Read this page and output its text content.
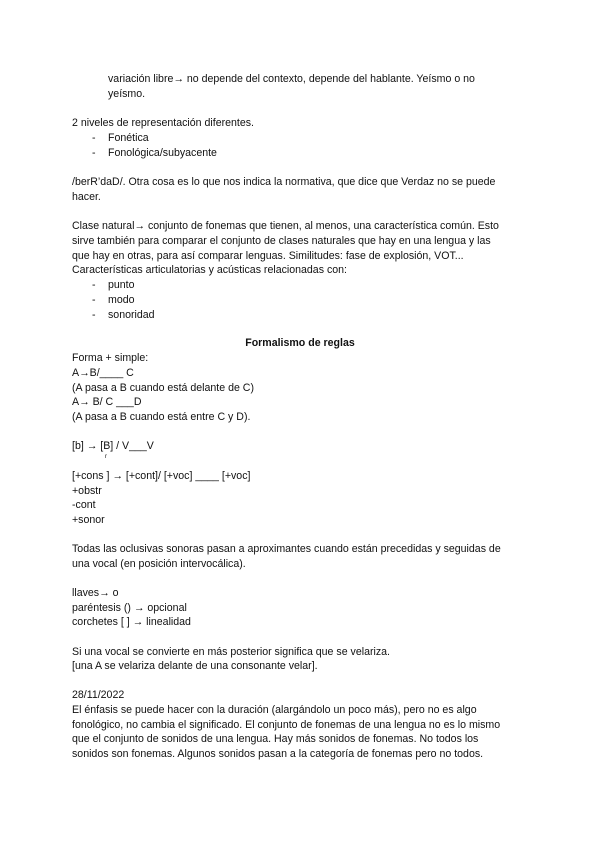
variación libre→ no depende del contexto, depende del hablante. Yeísmo o no
yeísmo.
2 niveles de representación diferentes.
- Fonética
- Fonológica/subyacente
/berR’daD/. Otra cosa es lo que nos indica la normativa, que dice que Verdaz no se puede
hacer.
Clase natural→ conjunto de fonemas que tienen, al menos, una característica común. Esto
sirve también para comparar el conjunto de clases naturales que hay en una lengua y las
que hay en otras, para así comparar lenguas. Similitudes: fase de explosión, VOT...
Características articulatorias y acústicas relacionadas con:
- punto
- modo
- sonoridad
Formalismo de reglas
Forma + simple:
A→B/____ C
(A pasa a B cuando está delante de C)
A→ B/ C ___D
(A pasa a B cuando está entre C y D).
[b] → [B] / V___V
r
[+cons ] → [+cont]/ [+voc] ____ [+voc]
+obstr
-cont
+sonor
Todas las oclusivas sonoras pasan a aproximantes cuando están precedidas y seguidas de
una vocal (en posición intervocálica).
llaves→ o
paréntesis () → opcional
corchetes [ ] → linealidad
Si una vocal se convierte en más posterior significa que se velariza.
[una A se velariza delante de una consonante velar].
28/11/2022
El énfasis se puede hacer con la duración (alargándolo un poco más), pero no es algo
fonológico, no cambia el significado. El conjunto de fonemas de una lengua no es lo mismo
que el conjunto de sonidos de una lengua. Hay más sonidos de fonemas. No todos los
sonidos son fonemas. Algunos sonidos pasan a la categoría de fonemas pero no todos.
